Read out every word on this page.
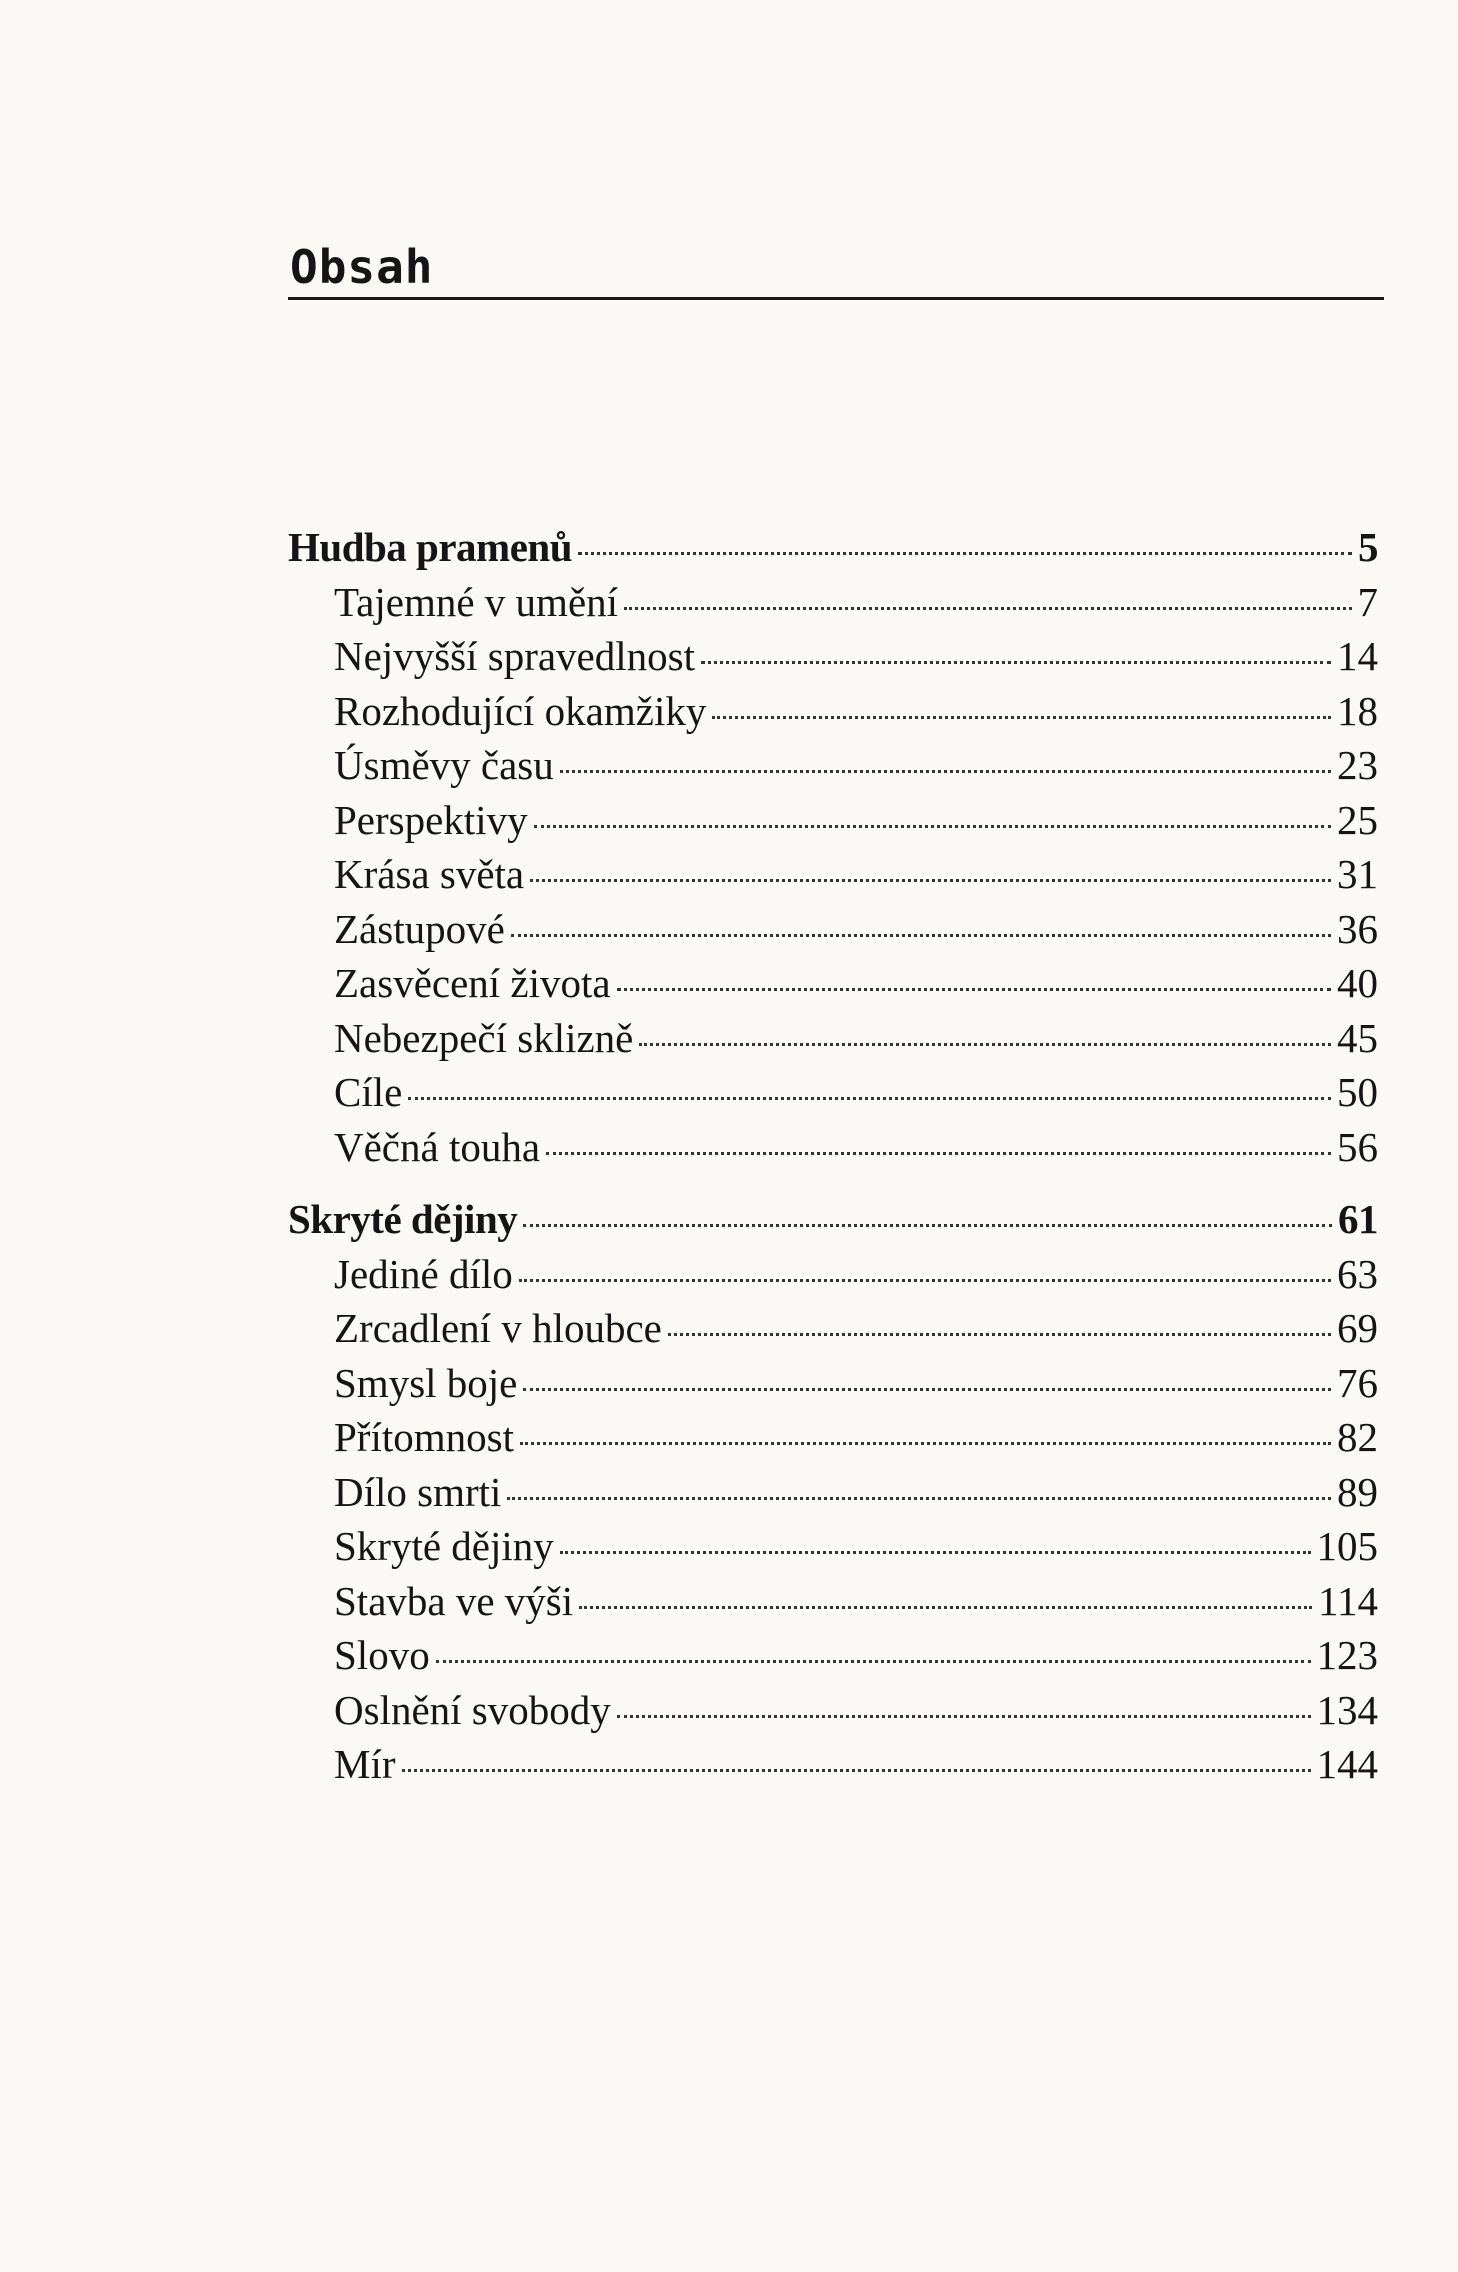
Obsah
Hudba pramenů	5
Tajemné v umění	7
Nejvyšší spravedlnost	14
Rozhodující okamžiky	18
Úsměvy času	23
Perspektivy	25
Krása světa	31
Zástupové	36
Zasvěcení života	40
Nebezpečí sklizně	45
Cíle	50
Věčná touha	56
Skryté dějiny	61
Jediné dílo	63
Zrcadlení v hloubce	69
Smysl boje	76
Přítomnost	82
Dílo smrti	89
Skryté dějiny	105
Stavba ve výši	114
Slovo	123
Oslnění svobody	134
Mír	144
